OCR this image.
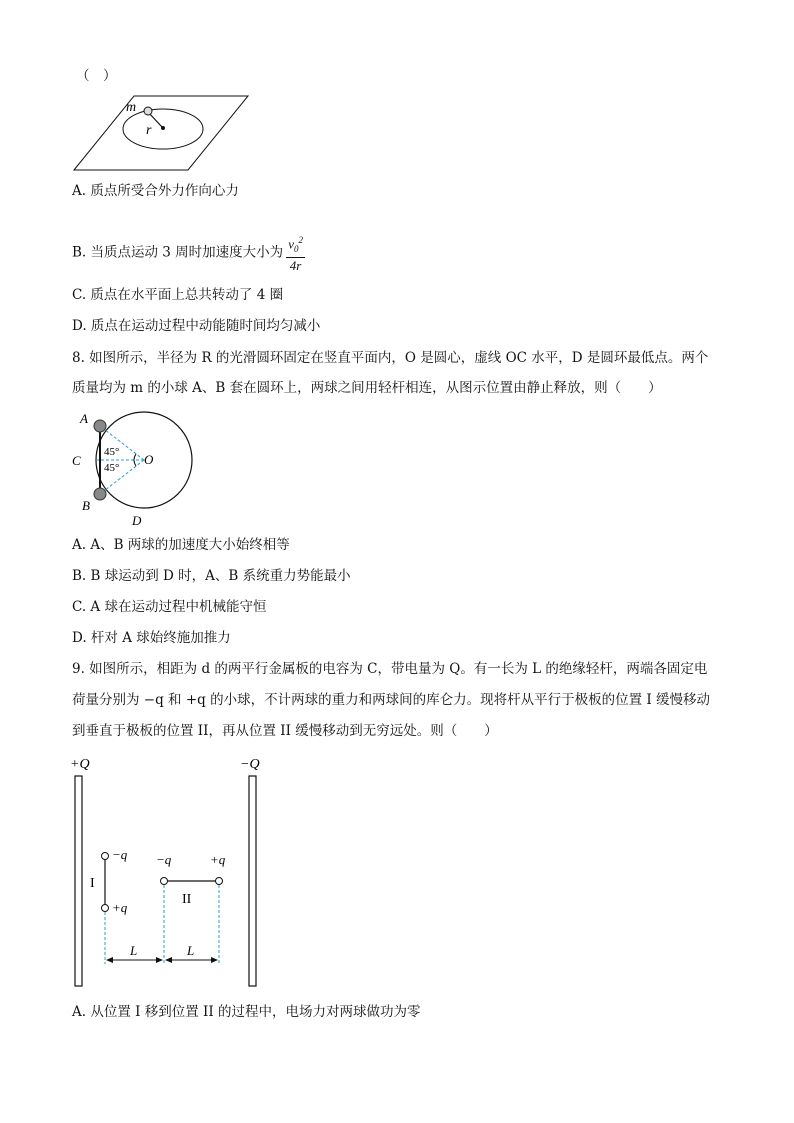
（　）
m
r
A. 质点所受合外力作向心力
B. 当质点运动 3 周时加速度大小为 $\frac{v_0^2}{4r}$
C. 质点在水平面上总共转动了 4 圈
D. 质点在运动过程中动能随时间均匀减小
8. 如图所示，半径为 R 的光滑圆环固定在竖直平面内，O 是圆心，虚线 OC 水平，D 是圆环最低点。两个
质量均为 m 的小球 A、B 套在圆环上，两球之间用轻杆相连，从图示位置由静止释放，则（　　）
A
C
B
O
D
45°
45°
A. A、B 两球的加速度大小始终相等
B. B 球运动到 D 时，A、B 系统重力势能最小
C. A 球在运动过程中机械能守恒
D. 杆对 A 球始终施加推力
9. 如图所示，相距为 d 的两平行金属板的电容为 C，带电量为 Q。有一长为 L 的绝缘轻杆，两端各固定电
荷量分别为 −q 和 +q 的小球，不计两球的重力和两球间的库仑力。现将杆从平行于极板的位置 I 缓慢移动
到垂直于极板的位置 II，再从位置 II 缓慢移动到无穷远处。则（　　）
+Q	−Q
−q
+q
I
−q	+q
II
L	L
A. 从位置 I 移到位置 II 的过程中，电场力对两球做功为零
